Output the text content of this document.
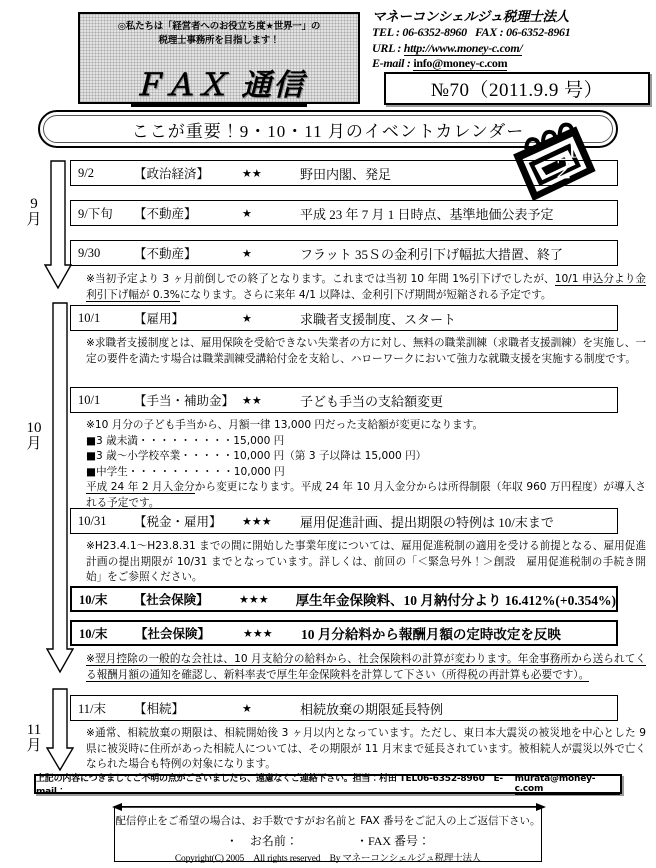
◎私たちは「経営者へのお役立ち度★世界一」の
税理士事務所を目指します！
ＦＡＸ 通信
マネーコンシェルジュ税理士法人
TEL : 06-6352-8960 FAX : 06-6352-8961
URL : http://www.money-c.com/
E-mail : info@money-c.com
№70（2011.9.9 号）
ここが重要！9・10・11 月のイベントカレンダー
1
2
9
月
10
月
11
月
9/2	【政治経済】	★★	野田内閣、発足
9/下旬	【不動産】	★	平成 23 年 7 月 1 日時点、基準地価公表予定
9/30	【不動産】	★	フラット 35Ｓの金利引下げ幅拡大措置、終了
※当初予定より 3 ヶ月前倒しでの終了となります。これまでは当初 10 年間 1%引下げでしたが、10/1 申込分より金利引下げ幅が 0.3%になります。さらに来年 4/1 以降は、金利引下げ期間が短縮される予定です。
10/1	【雇用】	★	求職者支援制度、スタート
※求職者支援制度とは、雇用保険を受給できない失業者の方に対し、無料の職業訓練（求職者支援訓練）を実施し、一定の要件を満たす場合は職業訓練受講給付金を支給し、ハローワークにおいて強力な就職支援を実施する制度です。
10/1	【手当・補助金】 ★★	子ども手当の支給額変更
※10 月分の子ども手当から、月額一律 13,000 円だった支給額が変更になります。
■3 歳未満・・・・・・・・・15,000 円
■3 歳～小学校卒業・・・・・10,000 円（第 3 子以降は 15,000 円）
■中学生・・・・・・・・・・10,000 円
平成 24 年 2 月入金分から変更になります。平成 24 年 10 月入金分からは所得制限（年収 960 万円程度）が導入される予定です。
10/31	【税金・雇用】	★★★	雇用促進計画、提出期限の特例は 10/末まで
※H23.4.1～H23.8.31 までの間に開始した事業年度については、雇用促進税制の適用を受ける前提となる、雇用促進計画の提出期限が 10/31 までとなっています。詳しくは、前回の「＜緊急号外！＞創設　雇用促進税制の手続き開始」をご参照ください。
10/末	【社会保険】	★★★	厚生年金保険料、10 月納付分より 16.412%(+0.354%)
10/末	【社会保険】	★★★	10 月分給料から報酬月額の定時改定を反映
※翌月控除の一般的な会社は、10 月支給分の給料から、社会保険料の計算が変わります。年金事務所から送られてくる報酬月額の通知を確認し、新料率表で厚生年金保険料を計算して下さい（所得税の再計算も必要です）。
11/末	【相続】	★	相続放棄の期限延長特例
※通常、相続放棄の期限は、相続開始後 3 ヶ月以内となっています。ただし、東日本大震災の被災地を中心とした 9 県に被災時に住所があった相続人については、その期限が 11 月末まで延長されています。被相続人が震災以外で亡くなられた場合も特例の対象になります。
上記の内容につきましてご不明の点がございましたら、遠慮なくご連絡下さい。担当：村田 TEL06-6352-8960　E-mail：
murata@money-c.com
配信停止をご希望の場合は、お手数ですがお名前と FAX 番号をご記入の上ご返信下さい。
・　お名前：	・FAX 番号：
Copyright(C) 2005　All rights reserved　By マネーコンシェルジュ税理士法人
